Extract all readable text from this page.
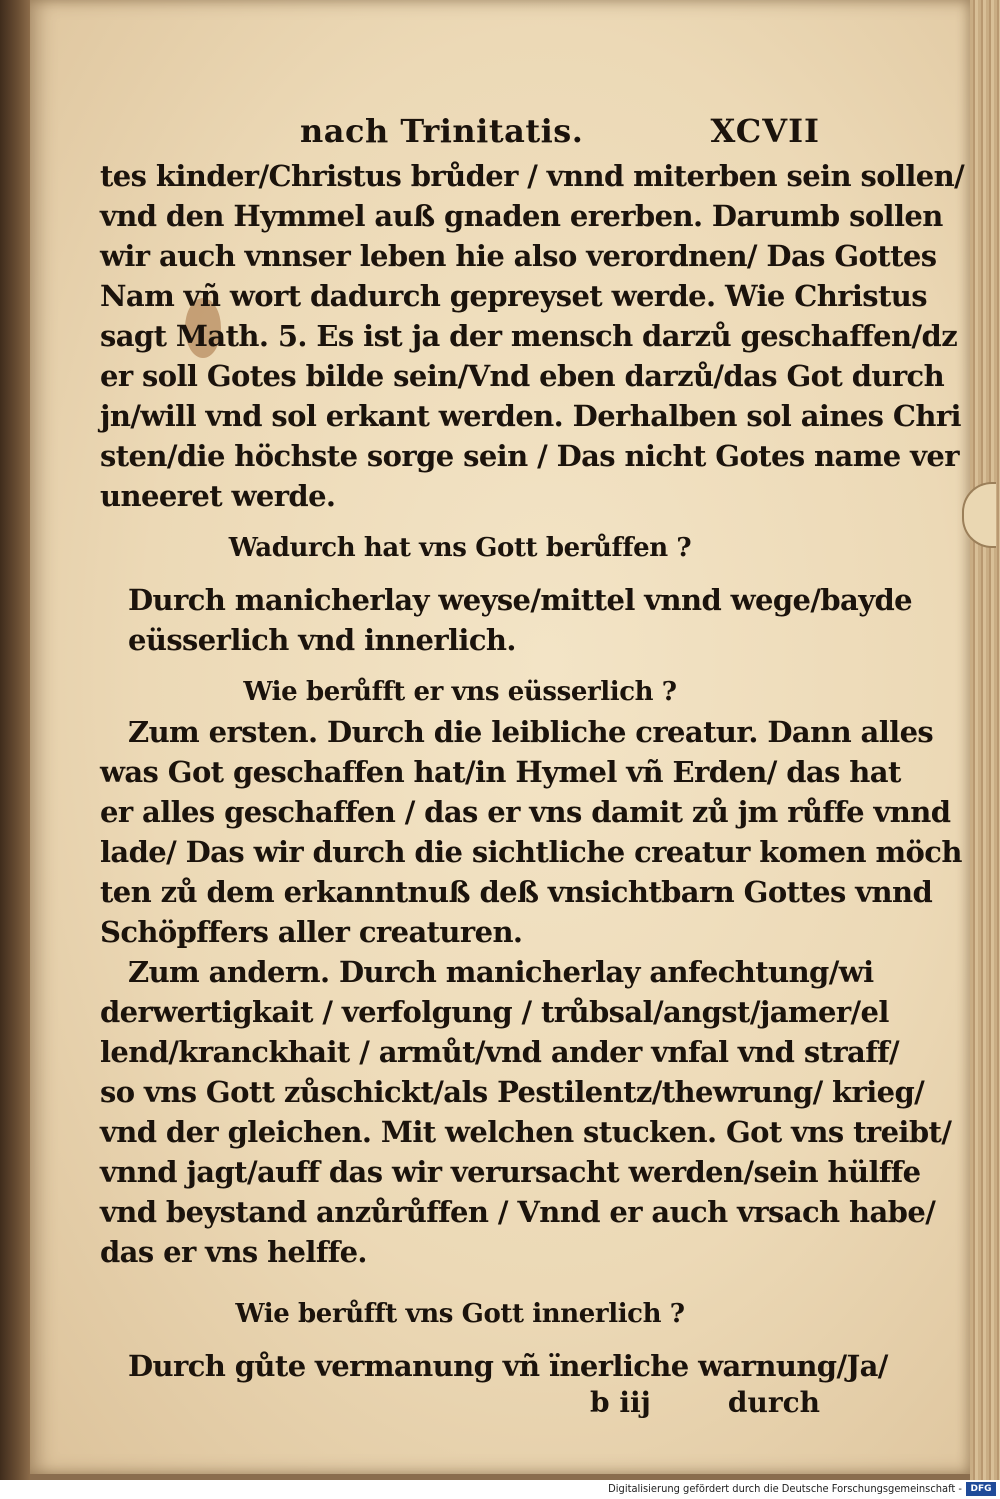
nach Trinitatis.	XCVII
tes kinder/Christus brůder / vnnd miterben sein sollen/
vnd den Hymmel auß gnaden ererben. Darumb sollen
wir auch vnnser leben hie also verordnen/ Das Gottes
Nam vñ wort dadurch gepreyset werde. Wie Christus
sagt Math. 5. Es ist ja der mensch darzů geschaffen/dz
er soll Gotes bilde sein/Vnd eben darzů/das Got durch
jn/will vnd sol erkant werden. Derhalben sol aines Chri
sten/die höchste sorge sein / Das nicht Gotes name ver
uneeret werde.
Wadurch hat vns Gott berůffen ?
Durch manicherlay weyse/mittel vnnd wege/bayde
eüsserlich vnd innerlich.
Wie berůfft er vns eüsserlich ?
Zum ersten. Durch die leibliche creatur. Dann alles
was Got geschaffen hat/in Hymel vñ Erden/ das hat
er alles geschaffen / das er vns damit zů jm růffe vnnd
lade/ Das wir durch die sichtliche creatur komen möch
ten zů dem erkanntnuß deß vnsichtbarn Gottes vnnd
Schöpffers aller creaturen.
Zum andern. Durch manicherlay anfechtung/wi
derwertigkait / verfolgung / trůbsal/angst/jamer/el
lend/kranckhait / armůt/vnd ander vnfal vnd straff/
so vns Gott zůschickt/als Pestilentz/thewrung/ krieg/
vnd der gleichen. Mit welchen stucken. Got vns treibt/
vnnd jagt/auff das wir verursacht werden/sein hülffe
vnd beystand anzůrůffen / Vnnd er auch vrsach habe/
das er vns helffe.
Wie berůfft vns Gott innerlich ?
Durch gůte vermanung vñ ïnerliche warnung/Ja/
b iij	durch
Digitalisierung gefördert durch die Deutsche Forschungsgemeinschaft - DFG
